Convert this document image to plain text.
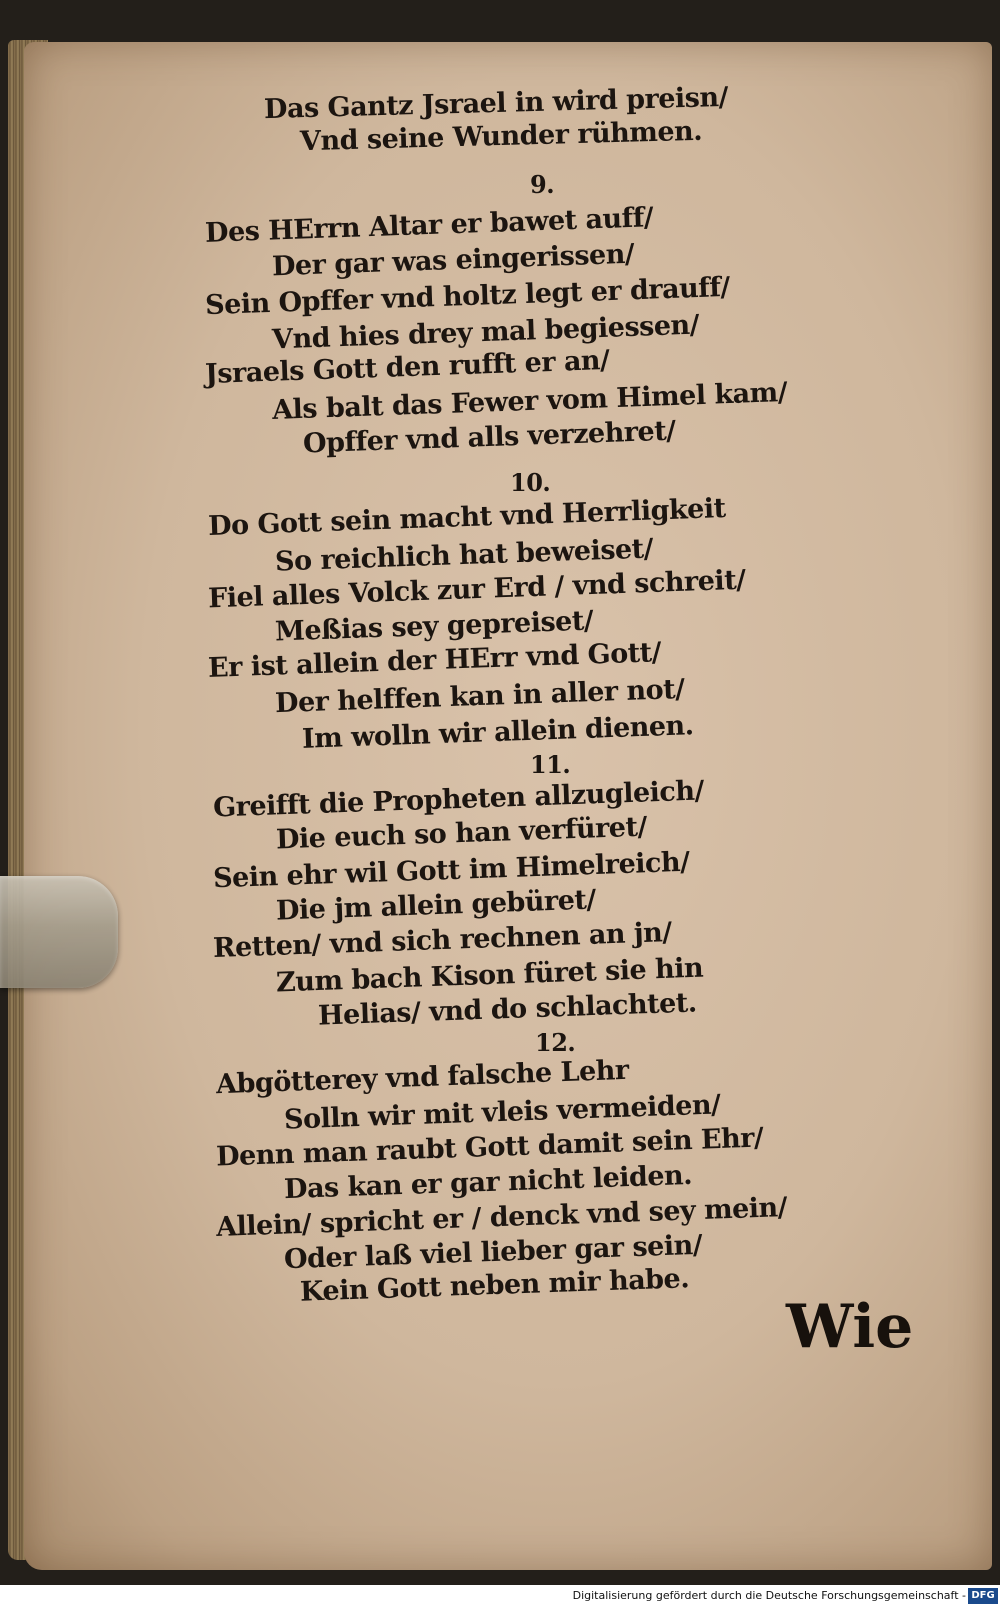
Das Gantz Jsrael in wird preisn/
Vnd seine Wunder rühmen.
9.
Des HErrn Altar er bawet auff/
Der gar was eingerissen/
Sein Opffer vnd holtz legt er drauff/
Vnd hies drey mal begiessen/
Jsraels Gott den rufft er an/
Als balt das Fewer vom Himel kam/
Opffer vnd alls verzehret/
10.
Do Gott sein macht vnd Herrligkeit
So reichlich hat beweiset/
Fiel alles Volck zur Erd / vnd schreit/
Meßias sey gepreiset/
Er ist allein der HErr vnd Gott/
Der helffen kan in aller not/
Im wolln wir allein dienen.
11.
Greifft die Propheten allzugleich/
Die euch so han verfüret/
Sein ehr wil Gott im Himelreich/
Die jm allein gebüret/
Retten/ vnd sich rechnen an jn/
Zum bach Kison füret sie hin
Helias/ vnd do schlachtet.
12.
Abgötterey vnd falsche Lehr
Solln wir mit vleis vermeiden/
Denn man raubt Gott damit sein Ehr/
Das kan er gar nicht leiden.
Allein/ spricht er / denck vnd sey mein/
Oder laß viel lieber gar sein/
Kein Gott neben mir habe.
Wie
Digitalisierung gefördert durch die Deutsche Forschungsgemeinschaft - DFG
